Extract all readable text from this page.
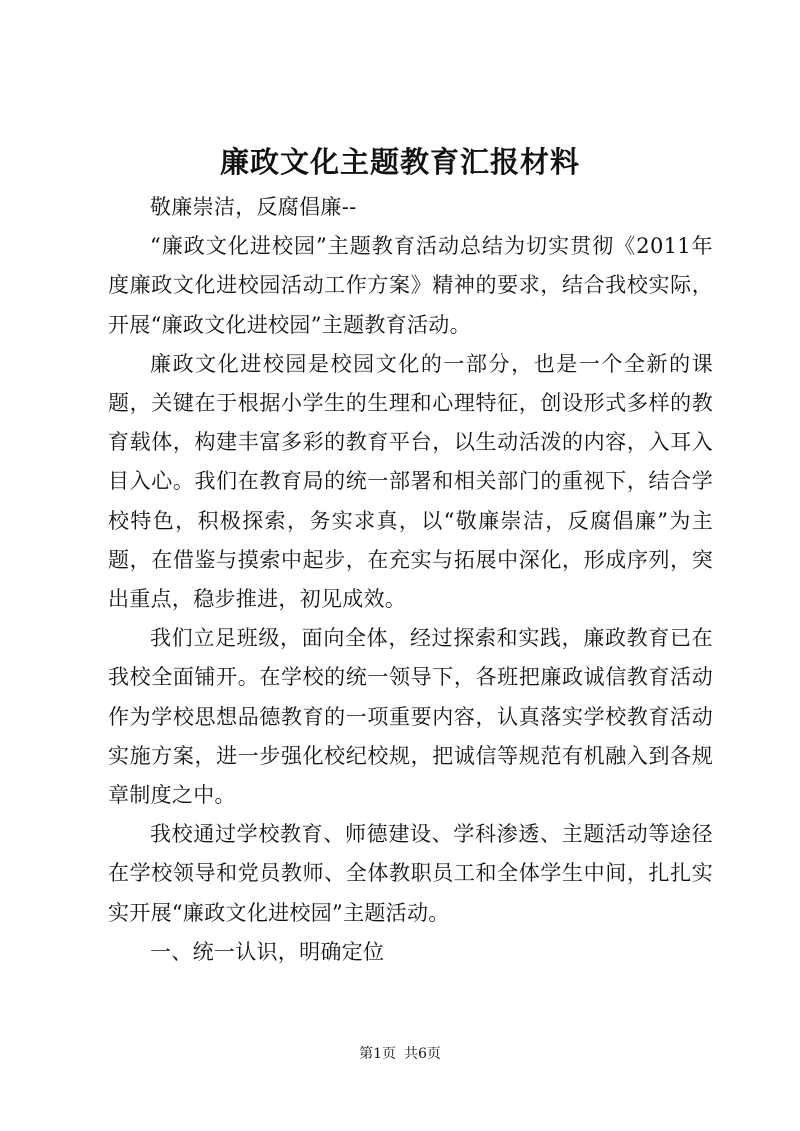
廉政文化主题教育汇报材料

敬廉崇洁，反腐倡廉--

“廉政文化进校园”主题教育活动总结为切实贯彻《2011年度廉政文化进校园活动工作方案》精神的要求，结合我校实际，开展“廉政文化进校园”主题教育活动。

廉政文化进校园是校园文化的一部分，也是一个全新的课题，关键在于根据小学生的生理和心理特征，创设形式多样的教育载体，构建丰富多彩的教育平台，以生动活泼的内容，入耳入目入心。我们在教育局的统一部署和相关部门的重视下，结合学校特色，积极探索，务实求真，以“敬廉崇洁，反腐倡廉”为主题，在借鉴与摸索中起步，在充实与拓展中深化，形成序列，突出重点，稳步推进，初见成效。

我们立足班级，面向全体，经过探索和实践，廉政教育已在我校全面铺开。在学校的统一领导下，各班把廉政诚信教育活动作为学校思想品德教育的一项重要内容，认真落实学校教育活动实施方案，进一步强化校纪校规，把诚信等规范有机融入到各规章制度之中。

我校通过学校教育、师德建设、学科渗透、主题活动等途径在学校领导和党员教师、全体教职员工和全体学生中间，扎扎实实开展“廉政文化进校园”主题活动。

一、统一认识，明确定位

第1页 共6页
